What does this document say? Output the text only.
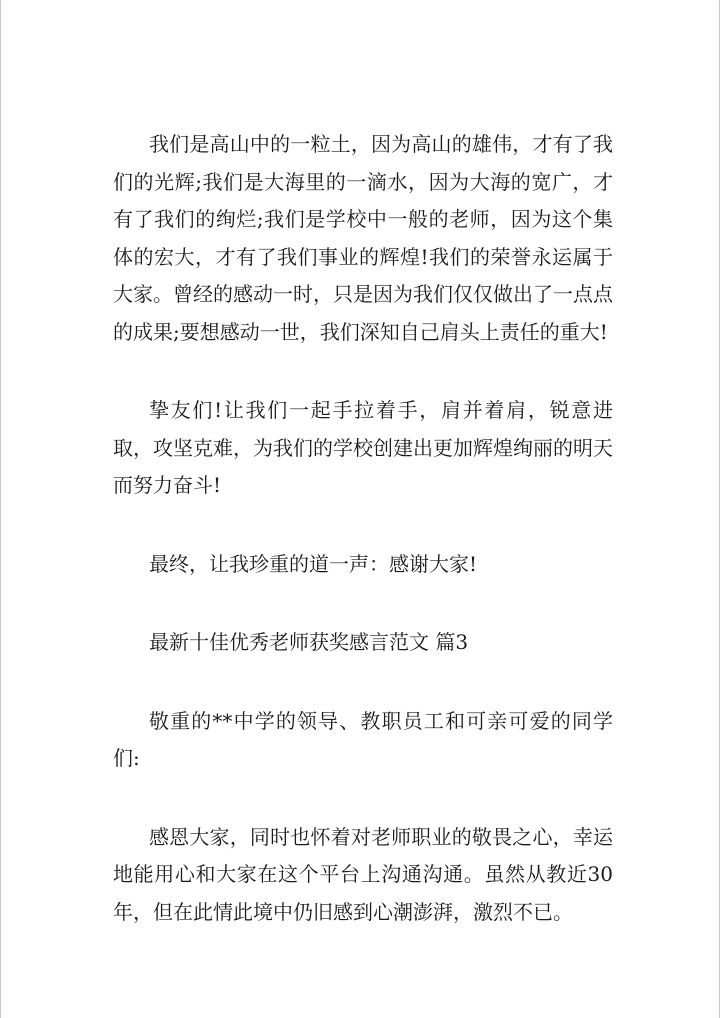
我们是高山中的一粒土，因为高山的雄伟，才有了我们的光辉;我们是大海里的一滴水，因为大海的宽广，才有了我们的绚烂;我们是学校中一般的老师，因为这个集体的宏大，才有了我们事业的辉煌!我们的荣誉永运属于大家。曾经的感动一时，只是因为我们仅仅做出了一点点的成果;要想感动一世，我们深知自己肩头上责任的重大!

挚友们!让我们一起手拉着手，肩并着肩，锐意进取，攻坚克难，为我们的学校创建出更加辉煌绚丽的明天而努力奋斗!

最终，让我珍重的道一声：感谢大家!

最新十佳优秀老师获奖感言范文 篇3

敬重的**中学的领导、教职员工和可亲可爱的同学们:

感恩大家，同时也怀着对老师职业的敬畏之心，幸运地能用心和大家在这个平台上沟通沟通。虽然从教近30年，但在此情此境中仍旧感到心潮澎湃，激烈不已。
